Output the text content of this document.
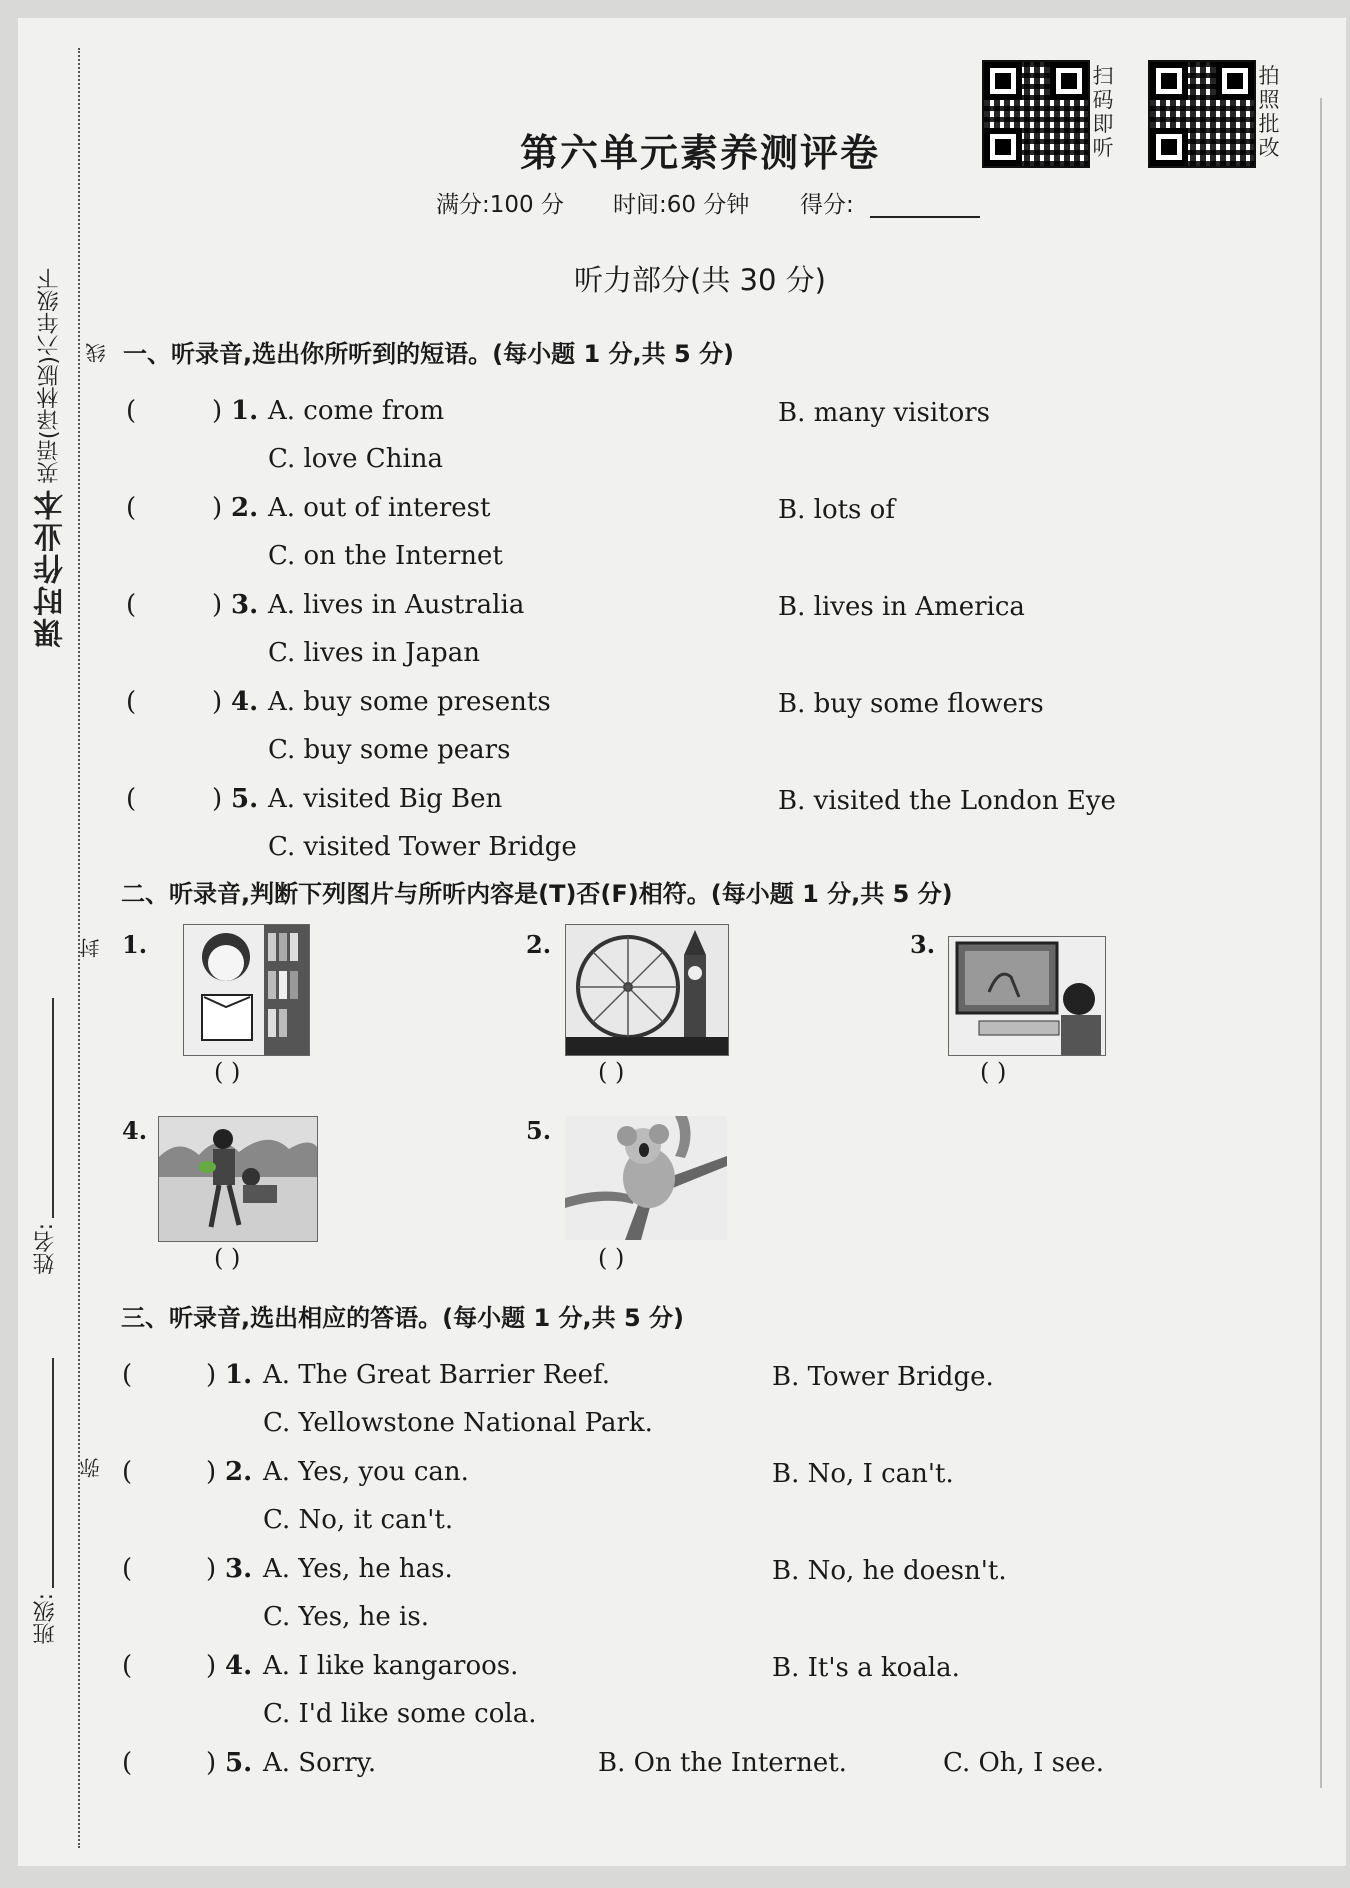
课时作业本
英语(译林版)六年级下 线
封
弥
姓名:
班级:
扫码即听
拍照批改
第六单元素养测评卷
满分:100 分 时间:60 分钟 得分:
听力部分(共 30 分)
一、听录音,选出你所听到的短语。(每小题 1 分,共 5 分)
(	) 1. A. come from	B. many visitors
C. love China
(	) 2. A. out of interest	B. lots of
C. on the Internet
(	) 3. A. lives in Australia	B. lives in America
C. lives in Japan
(	) 4. A. buy some presents	B. buy some flowers
C. buy some pears
(	) 5. A. visited Big Ben	B. visited the London Eye
C. visited Tower Bridge
二、听录音,判断下列图片与所听内容是(T)否(F)相符。(每小题 1 分,共 5 分)
1.
( )
2.
( )
3.
( )
4.
( )
5.
( )
三、听录音,选出相应的答语。(每小题 1 分,共 5 分)
(	) 1. A. The Great Barrier Reef.	B. Tower Bridge.
C. Yellowstone National Park.
(	) 2. A. Yes, you can.	B. No, I can't.
C. No, it can't.
(	) 3. A. Yes, he has.	B. No, he doesn't.
C. Yes, he is.
(	) 4. A. I like kangaroos.	B. It's a koala.
C. I'd like some cola.
(	) 5. A. Sorry.	B. On the Internet.	C. Oh, I see.
